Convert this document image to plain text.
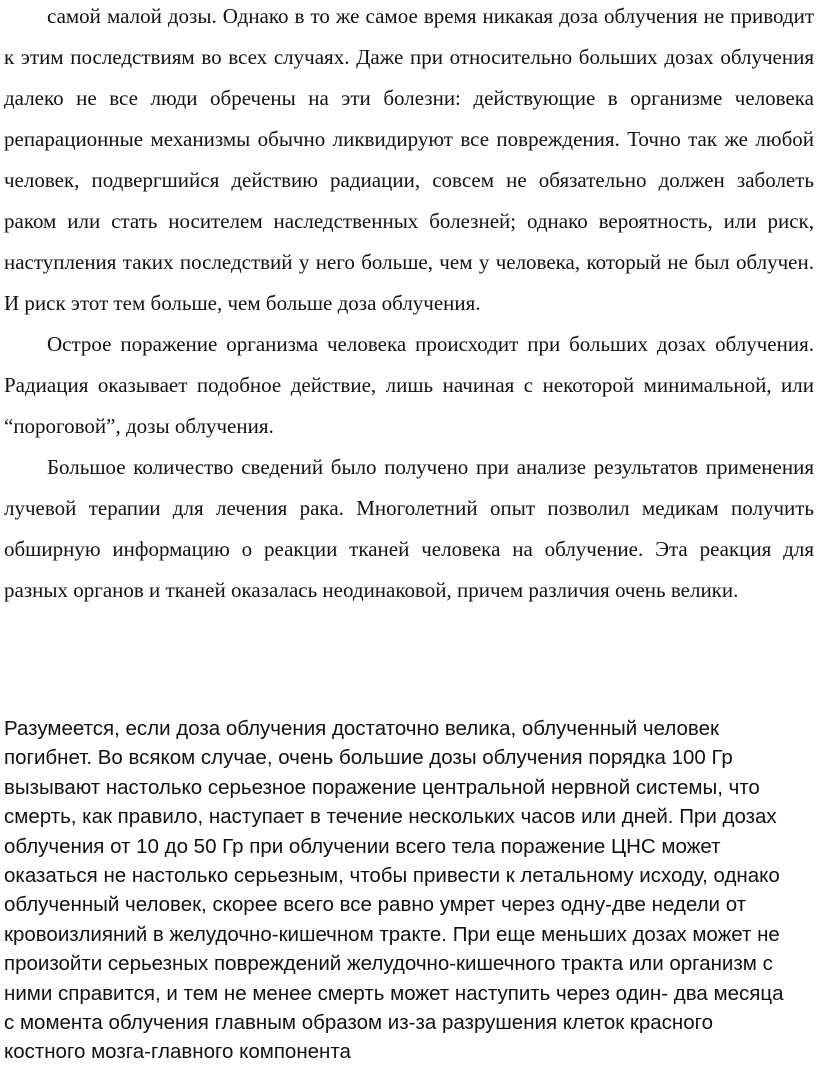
самой малой дозы. Однако в то же самое время никакая доза облучения не приводит к этим последствиям во всех случаях. Даже при относительно больших дозах облучения далеко не все люди обречены на эти болезни: действующие в организме человека репарационные механизмы обычно ликвидируют все повреждения. Точно так же любой человек, подвергшийся действию радиации, совсем не обязательно должен заболеть раком или стать носителем наследственных болезней; однако вероятность, или риск, наступления таких последствий у него больше, чем у человека, который не был облучен. И риск этот тем больше, чем больше доза облучения.

Острое поражение организма человека происходит при больших дозах облучения. Радиация оказывает подобное действие, лишь начиная с некоторой минимальной, или “пороговой”, дозы облучения.

Большое количество сведений было получено при анализе результатов применения лучевой терапии для лечения рака. Многолетний опыт позволил медикам получить обширную информацию о реакции тканей человека на облучение. Эта реакция для разных органов и тканей оказалась неодинаковой, причем различия очень велики.

Разумеется, если доза облучения достаточно велика, облученный человек погибнет. Во всяком случае, очень большие дозы облучения порядка 100 Гр вызывают настолько серьезное поражение центральной нервной системы, что смерть, как правило, наступает в течение нескольких часов или дней. При дозах облучения от 10 до 50 Гр при облучении всего тела поражение ЦНС может оказаться не настолько серьезным, чтобы привести к летальному исходу, однако облученный человек, скорее всего все равно умрет через одну-две недели от кровоизлияний в желудочно-кишечном тракте. При еще меньших дозах может не произойти серьезных повреждений желудочно-кишечного тракта или организм с ними справится, и тем не менее смерть может наступить через один- два месяца с момента облучения главным образом из-за разрушения клеток красного костного мозга-главного компонента
